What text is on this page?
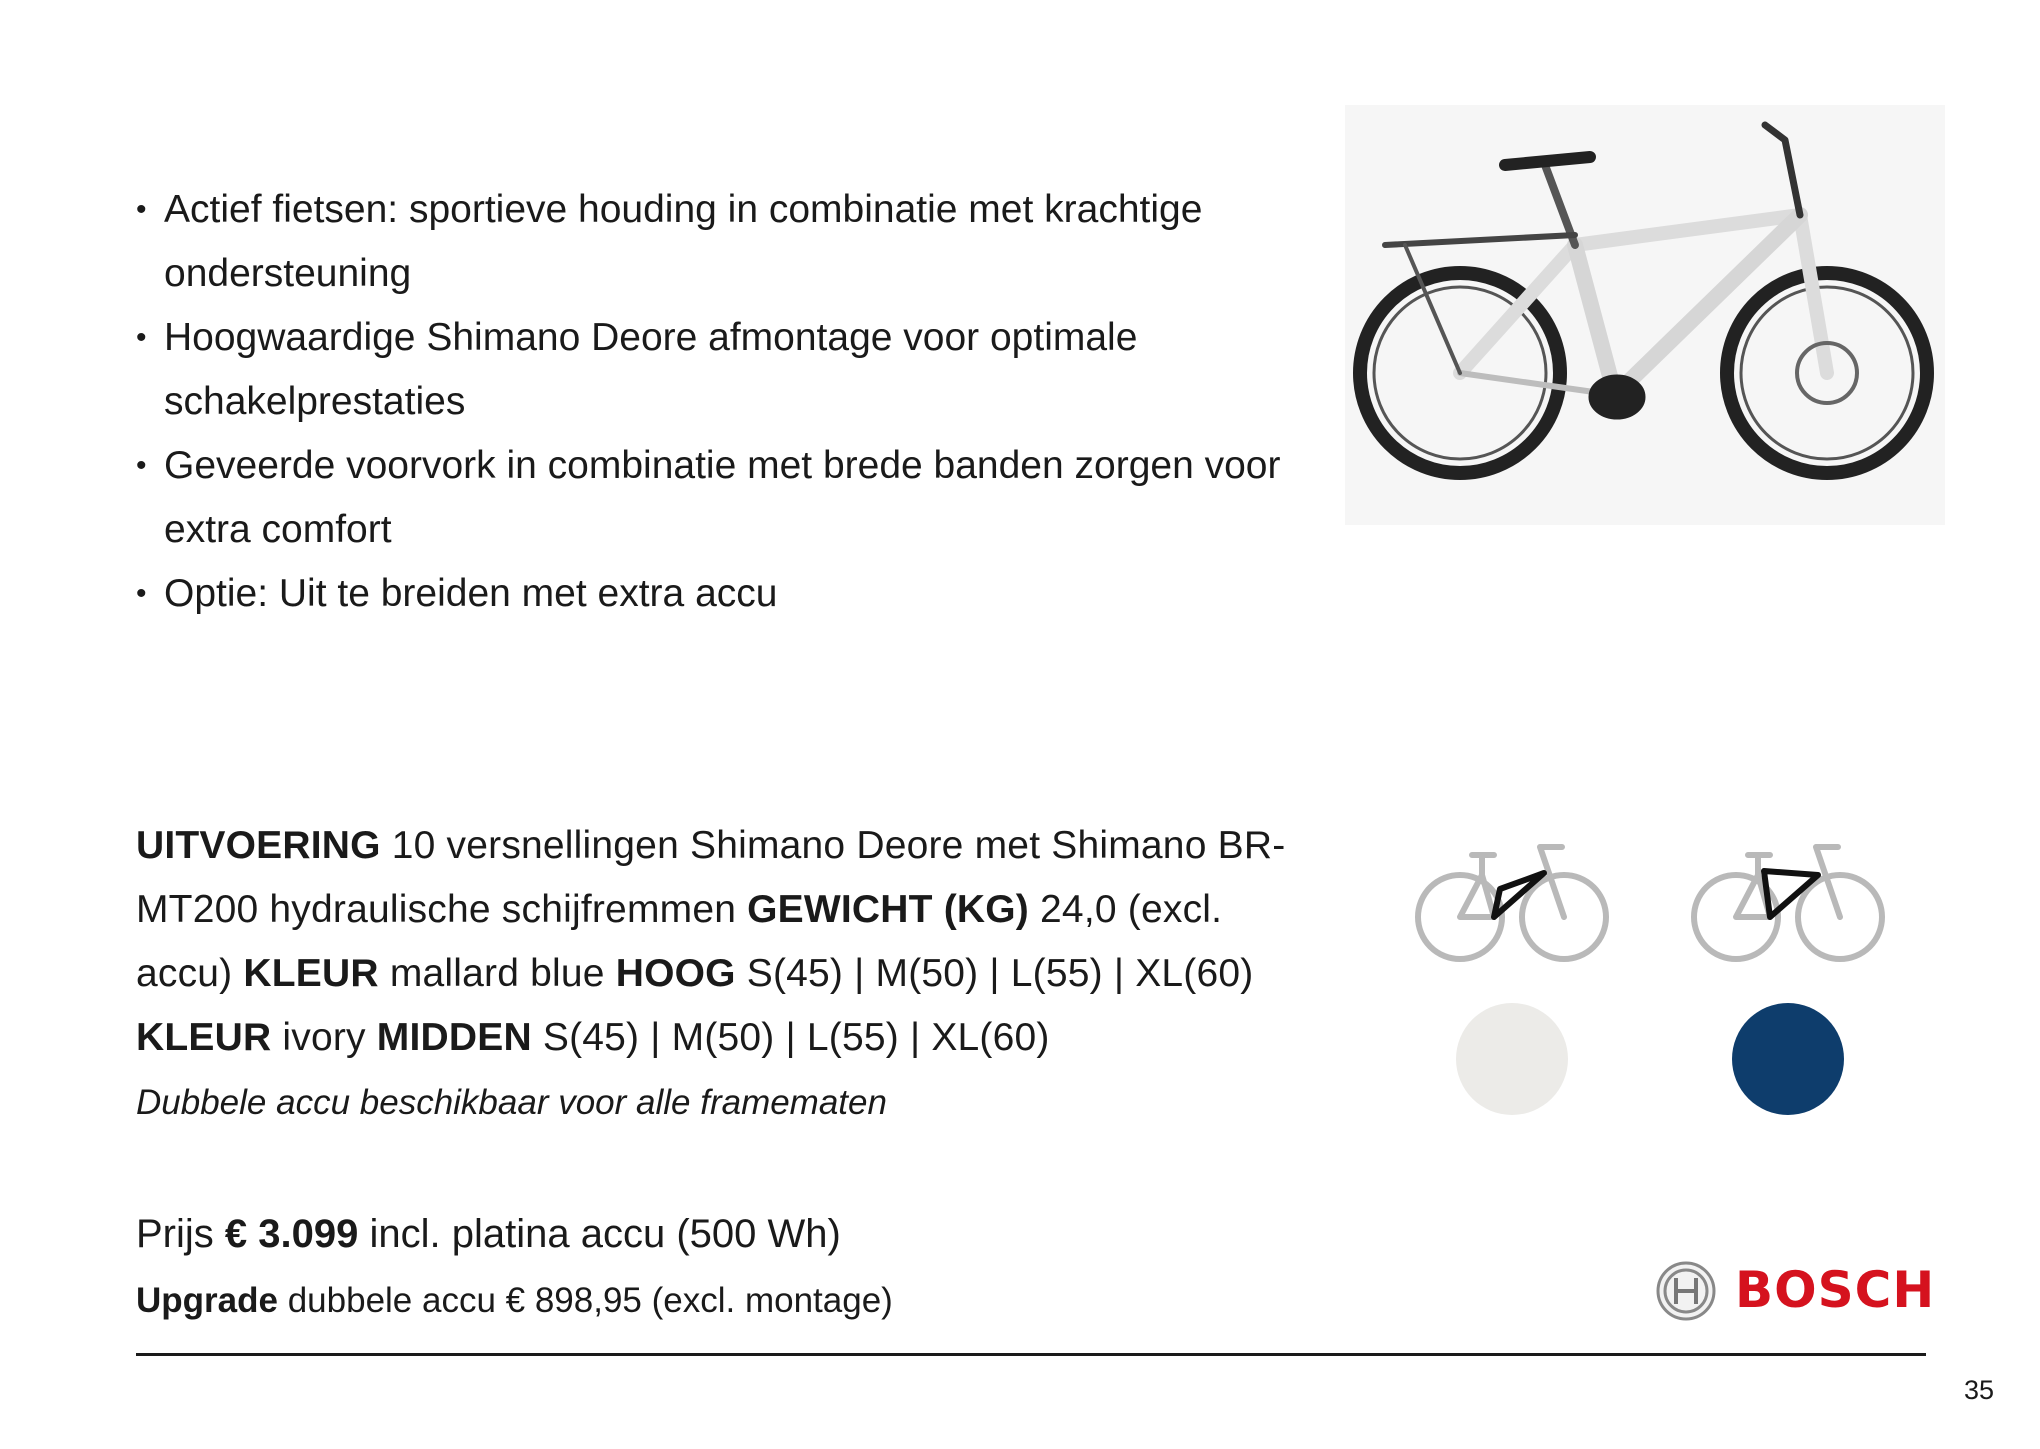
• Actief fietsen: sportieve houding in combinatie met krachtige ondersteuning
• Hoogwaardige Shimano Deore afmontage voor optimale schakelprestaties
• Geveerde voorvork in combinatie met brede banden zorgen voor extra comfort
• Optie: Uit te breiden met extra accu
UITVOERING 10 versnellingen Shimano Deore met Shimano BR-MT200 hydraulische schijfremmen GEWICHT (KG) 24,0 (excl. accu) KLEUR mallard blue HOOG S(45) | M(50) | L(55) | XL(60) KLEUR ivory MIDDEN S(45) | M(50) | L(55) | XL(60)
Dubbele accu beschikbaar voor alle framematen
Prijs € 3.099 incl. platina accu (500 Wh)
Upgrade dubbele accu € 898,95 (excl. montage)	BOSCH
35
